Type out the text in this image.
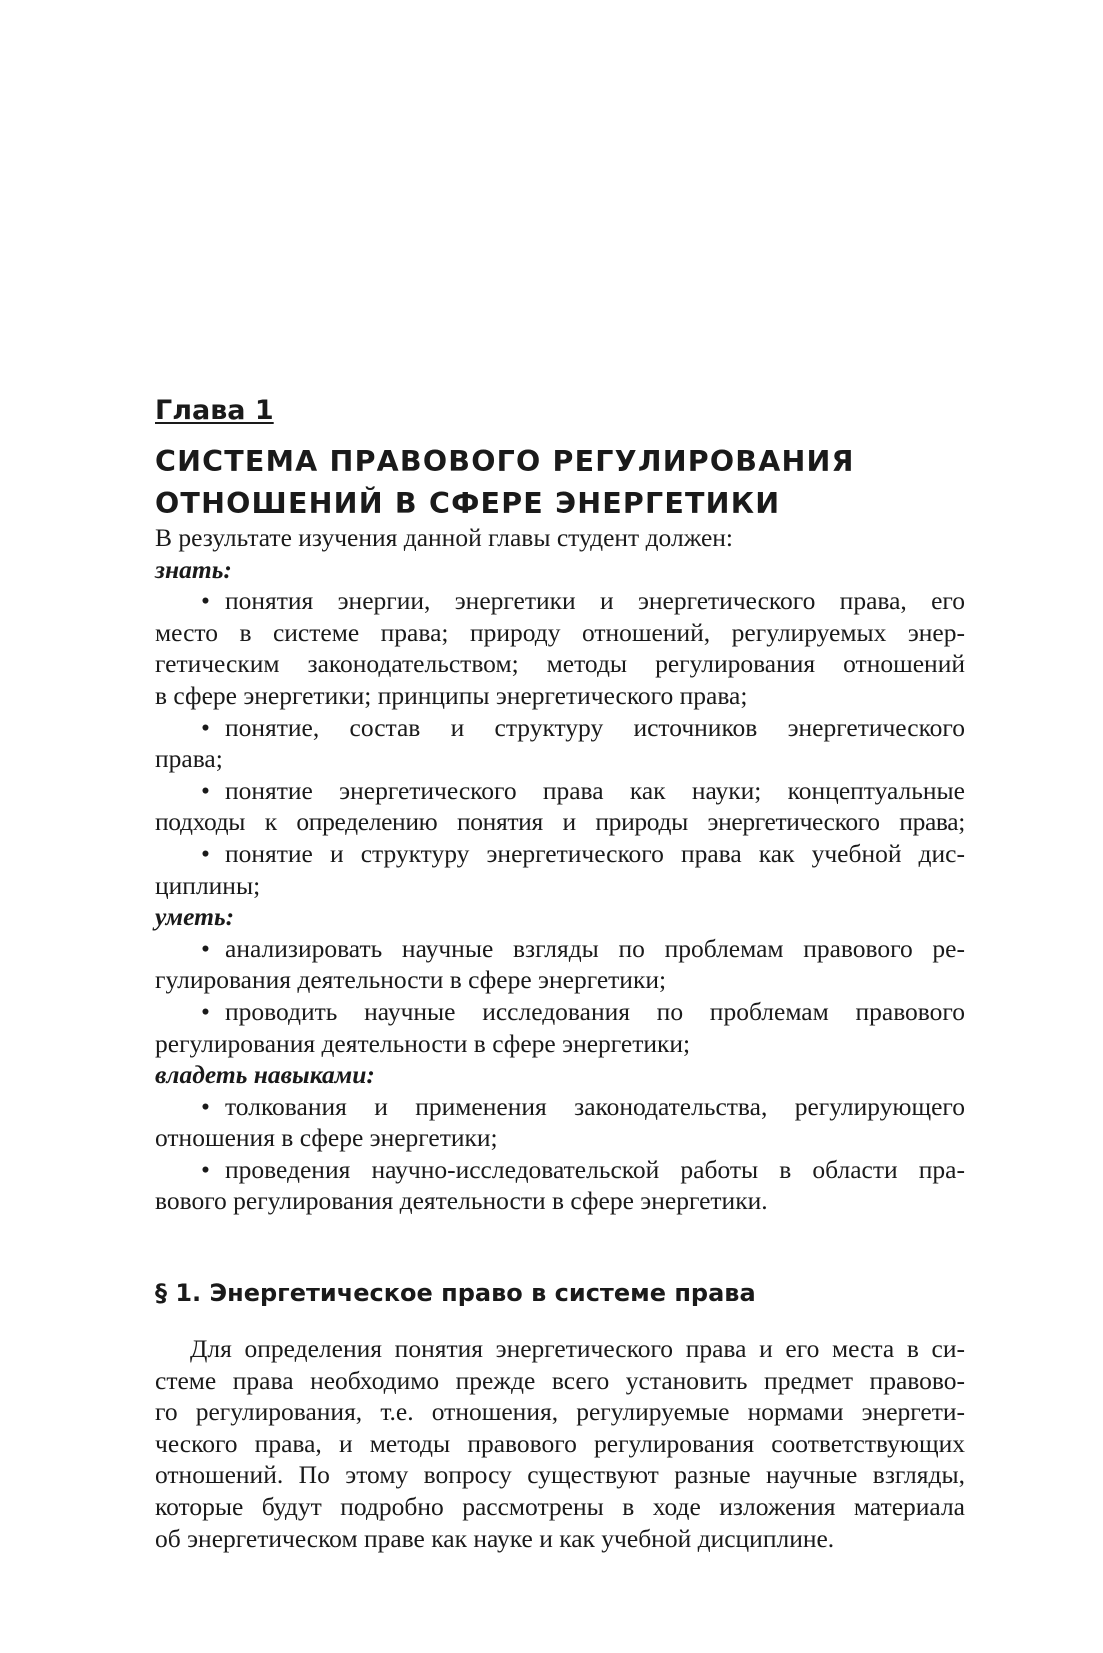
Глава 1
СИСТЕМА ПРАВОВОГО РЕГУЛИРОВАНИЯ
ОТНОШЕНИЙ В СФЕРЕ ЭНЕРГЕТИКИ
В результате изучения данной главы студент должен:
знать:
• понятия энергии, энергетики и энергетического права, его
место в системе права; природу отношений, регулируемых энер-
гетическим законодательством; методы регулирования отношений
в сфере энергетики; принципы энергетического права;
• понятие, состав и структуру источников энергетического
права;
• понятие энергетического права как науки; концептуальные
подходы к определению понятия и природы энергетического права;
• понятие и структуру энергетического права как учебной дис-
циплины;
уметь:
• анализировать научные взгляды по проблемам правового ре-
гулирования деятельности в сфере энергетики;
• проводить научные исследования по проблемам правового
регулирования деятельности в сфере энергетики;
владеть навыками:
• толкования и применения законодательства, регулирующего
отношения в сфере энергетики;
• проведения научно-исследовательской работы в области пра-
вового регулирования деятельности в сфере энергетики.
§ 1. Энергетическое право в системе права
Для определения понятия энергетического права и его места в си-
стеме права необходимо прежде всего установить предмет правово-
го регулирования, т.е. отношения, регулируемые нормами энергети-
ческого права, и методы правового регулирования соответствующих
отношений. По этому вопросу существуют разные научные взгляды,
которые будут подробно рассмотрены в ходе изложения материала
об энергетическом праве как науке и как учебной дисциплине.
